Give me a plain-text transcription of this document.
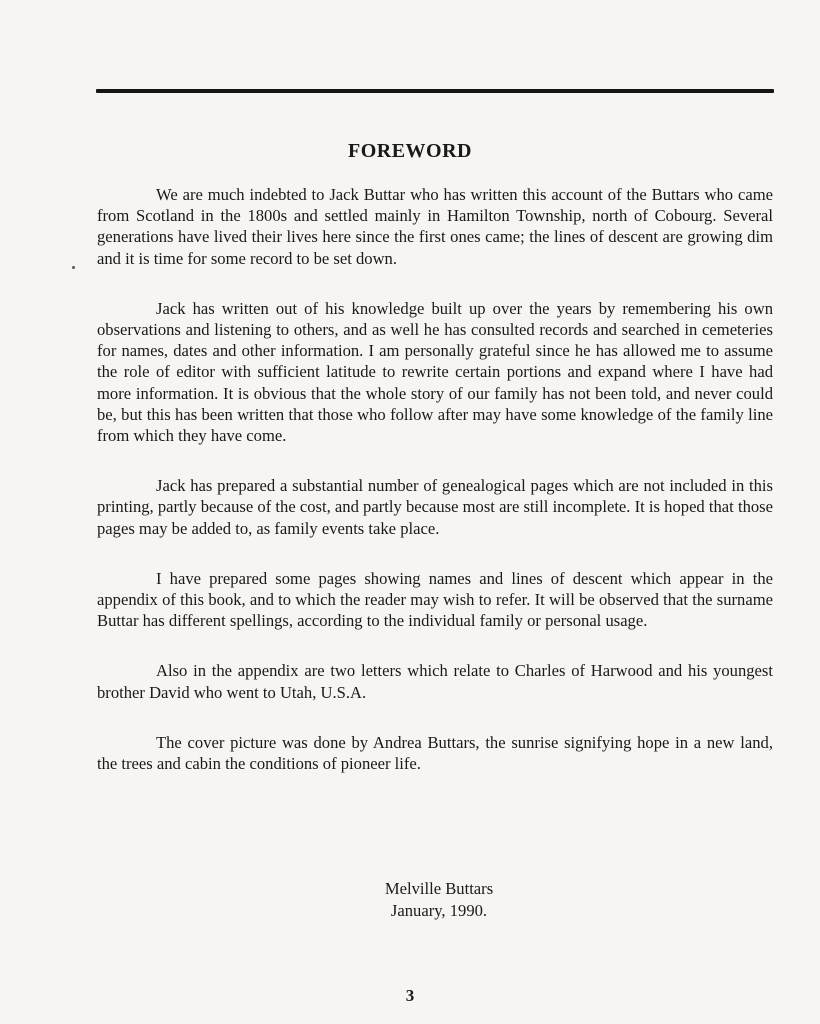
FOREWORD

We are much indebted to Jack Buttar who has written this account of the Buttars who came from Scotland in the 1800s and settled mainly in Hamilton Township, north of Cobourg. Several generations have lived their lives here since the first ones came; the lines of descent are growing dim and it is time for some record to be set down.

Jack has written out of his knowledge built up over the years by remembering his own observations and listening to others, and as well he has consulted records and searched in cemeteries for names, dates and other information. I am personally grateful since he has allowed me to assume the role of editor with sufficient latitude to rewrite certain portions and expand where I have had more information. It is obvious that the whole story of our family has not been told, and never could be, but this has been written that those who follow after may have some knowledge of the family line from which they have come.

Jack has prepared a substantial number of genealogical pages which are not included in this printing, partly because of the cost, and partly because most are still incomplete. It is hoped that those pages may be added to, as family events take place.

I have prepared some pages showing names and lines of descent which appear in the appendix of this book, and to which the reader may wish to refer. It will be observed that the surname Buttar has different spellings, according to the individual family or personal usage.

Also in the appendix are two letters which relate to Charles of Harwood and his youngest brother David who went to Utah, U.S.A.

The cover picture was done by Andrea Buttars, the sunrise signifying hope in a new land, the trees and cabin the conditions of pioneer life.

Melville Buttars
January, 1990.
3
